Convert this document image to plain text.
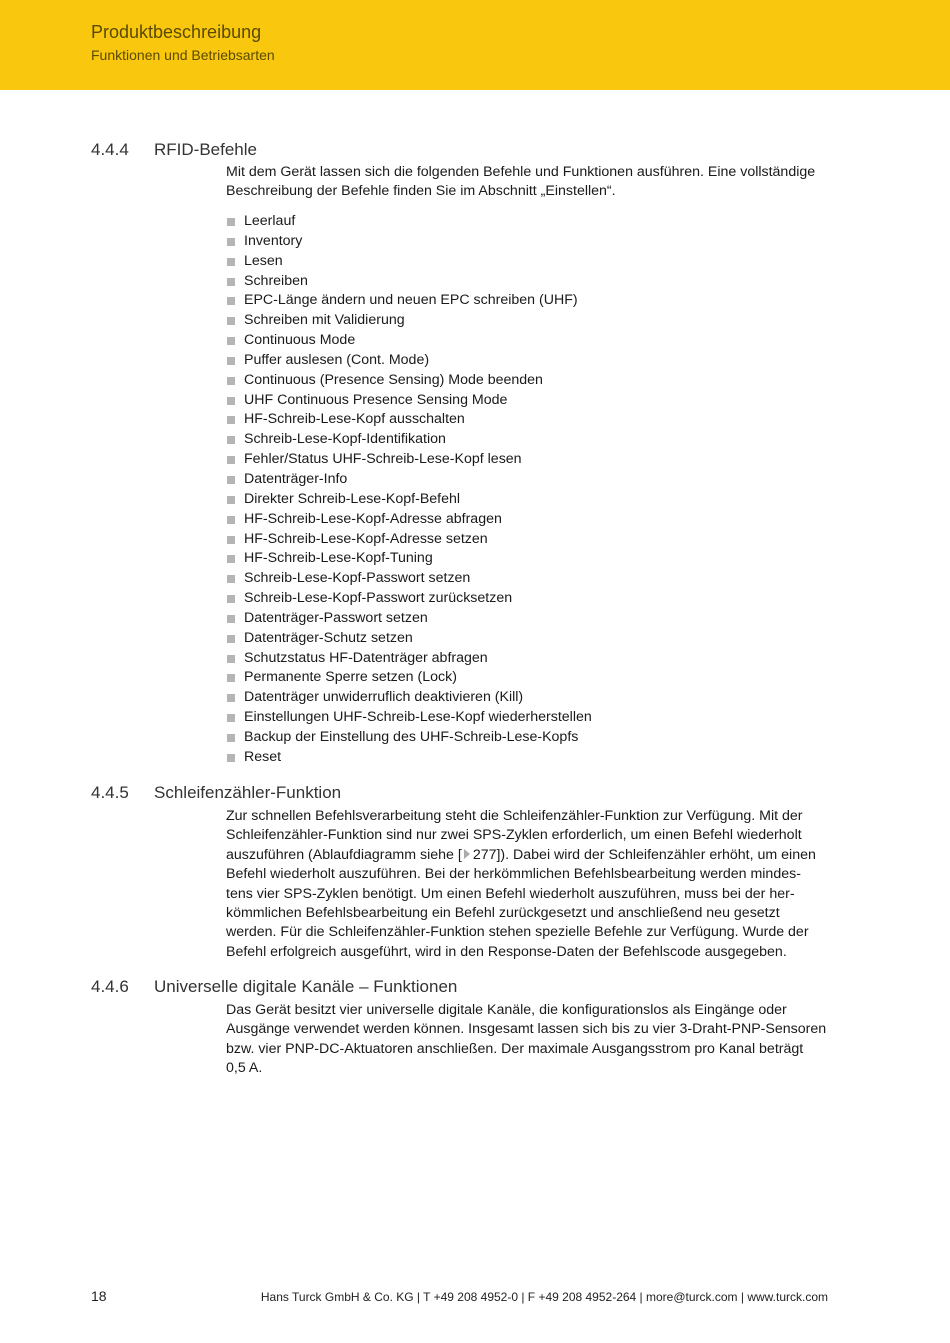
Produktbeschreibung
Funktionen und Betriebsarten
4.4.4 RFID-Befehle

Mit dem Gerät lassen sich die folgenden Befehle und Funktionen ausführen. Eine vollständige
Beschreibung der Befehle finden Sie im Abschnitt „Einstellen“.

Leerlauf
Inventory
Lesen
Schreiben
EPC-Länge ändern und neuen EPC schreiben (UHF)
Schreiben mit Validierung
Continuous Mode
Puffer auslesen (Cont. Mode)
Continuous (Presence Sensing) Mode beenden
UHF Continuous Presence Sensing Mode
HF-Schreib-Lese-Kopf ausschalten
Schreib-Lese-Kopf-Identifikation
Fehler/Status UHF-Schreib-Lese-Kopf lesen
Datenträger-Info
Direkter Schreib-Lese-Kopf-Befehl
HF-Schreib-Lese-Kopf-Adresse abfragen
HF-Schreib-Lese-Kopf-Adresse setzen
HF-Schreib-Lese-Kopf-Tuning
Schreib-Lese-Kopf-Passwort setzen
Schreib-Lese-Kopf-Passwort zurücksetzen
Datenträger-Passwort setzen
Datenträger-Schutz setzen
Schutzstatus HF-Datenträger abfragen
Permanente Sperre setzen (Lock)
Datenträger unwiderruflich deaktivieren (Kill)
Einstellungen UHF-Schreib-Lese-Kopf wiederherstellen
Backup der Einstellung des UHF-Schreib-Lese-Kopfs
Reset
4.4.5 Schleifenzähler-Funktion

Zur schnellen Befehlsverarbeitung steht die Schleifenzähler-Funktion zur Verfügung. Mit der
Schleifenzähler-Funktion sind nur zwei SPS-Zyklen erforderlich, um einen Befehl wiederholt
auszuführen (Ablaufdiagramm siehe [ 277]). Dabei wird der Schleifenzähler erhöht, um einen
Befehl wiederholt auszuführen. Bei der herkömmlichen Befehlsbearbeitung werden mindes-
tens vier SPS-Zyklen benötigt. Um einen Befehl wiederholt auszuführen, muss bei der her-
kömmlichen Befehlsbearbeitung ein Befehl zurückgesetzt und anschließend neu gesetzt
werden. Für die Schleifenzähler-Funktion stehen spezielle Befehle zur Verfügung. Wurde der
Befehl erfolgreich ausgeführt, wird in den Response-Daten der Befehlscode ausgegeben.

4.4.6 Universelle digitale Kanäle – Funktionen

Das Gerät besitzt vier universelle digitale Kanäle, die konfigurationslos als Eingänge oder
Ausgänge verwendet werden können. Insgesamt lassen sich bis zu vier 3-Draht-PNP-Sensoren
bzw. vier PNP-DC-Aktuatoren anschließen. Der maximale Ausgangsstrom pro Kanal beträgt
0,5 A.

18	Hans Turck GmbH & Co. KG | T +49 208 4952-0 | F +49 208 4952-264 | more@turck.com | www.turck.com
